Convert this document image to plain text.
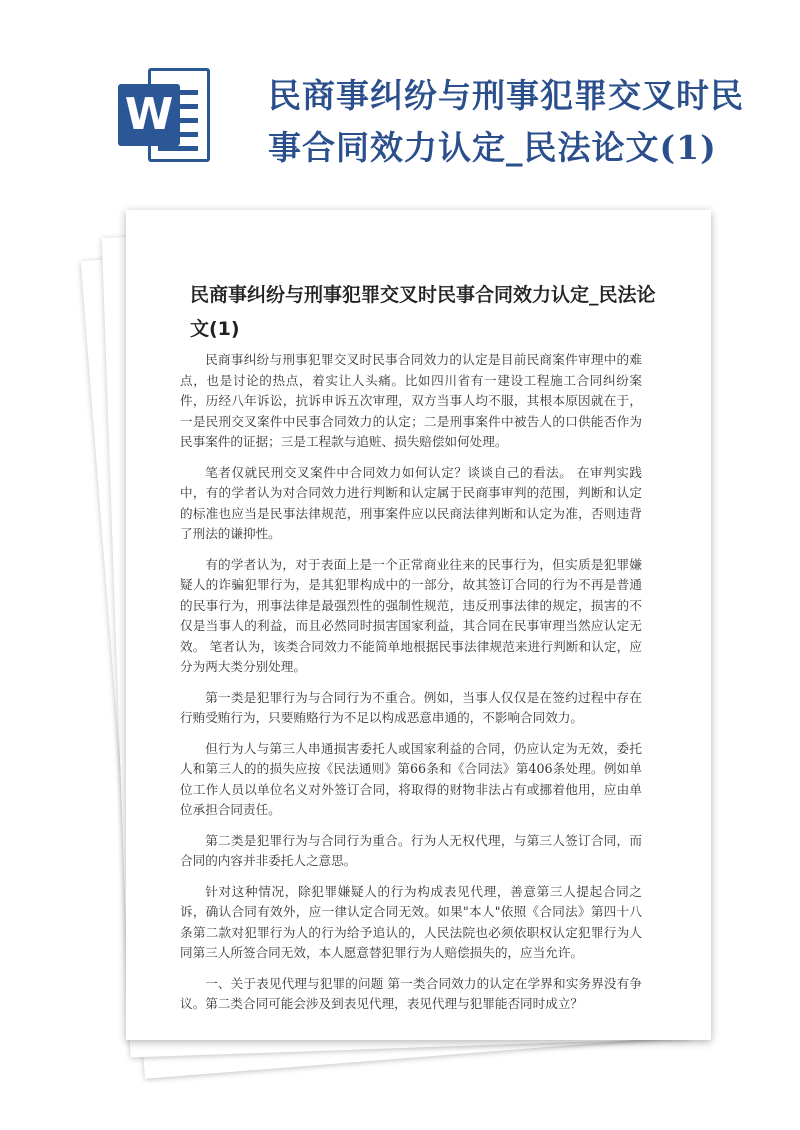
W	民商事纠纷与刑事犯罪交叉时民事合同效力认定_民法论文(1)
民商事纠纷与刑事犯罪交叉时民事合同效力认定_民法论文(1)

民商事纠纷与刑事犯罪交叉时民事合同效力的认定是目前民商案件审理中的难点，也是讨论的热点，着实让人头痛。比如四川省有一建设工程施工合同纠纷案件，历经八年诉讼，抗诉申诉五次审理，双方当事人均不服，其根本原因就在于，一是民刑交叉案件中民事合同效力的认定；二是刑事案件中被告人的口供能否作为民事案件的证据；三是工程款与追赃、损失赔偿如何处理。

笔者仅就民刑交叉案件中合同效力如何认定？谈谈自己的看法。 在审判实践中，有的学者认为对合同效力进行判断和认定属于民商事审判的范围，判断和认定的标准也应当是民事法律规范，刑事案件应以民商法律判断和认定为准，否则违背了刑法的谦抑性。

有的学者认为，对于表面上是一个正常商业往来的民事行为，但实质是犯罪嫌疑人的诈骗犯罪行为，是其犯罪构成中的一部分，故其签订合同的行为不再是普通的民事行为，刑事法律是最强烈性的强制性规范，违反刑事法律的规定，损害的不仅是当事人的利益，而且必然同时损害国家利益，其合同在民事审理当然应认定无效。 笔者认为，该类合同效力不能简单地根据民事法律规范来进行判断和认定，应分为两大类分别处理。

第一类是犯罪行为与合同行为不重合。例如，当事人仅仅是在签约过程中存在行贿受贿行为，只要贿赂行为不足以构成恶意串通的，不影响合同效力。

但行为人与第三人串通损害委托人或国家利益的合同，仍应认定为无效，委托人和第三人的的损失应按《民法通则》第66条和《合同法》第406条处理。例如单位工作人员以单位名义对外签订合同，将取得的财物非法占有或挪着他用，应由单位承担合同责任。

第二类是犯罪行为与合同行为重合。行为人无权代理，与第三人签订合同，而合同的内容并非委托人之意思。

针对这种情况，除犯罪嫌疑人的行为构成表见代理，善意第三人提起合同之诉，确认合同有效外，应一律认定合同无效。如果"本人"依照《合同法》第四十八条第二款对犯罪行为人的行为给予追认的，人民法院也必须依职权认定犯罪行为人同第三人所签合同无效，本人愿意替犯罪行为人赔偿损失的，应当允许。

一、关于表见代理与犯罪的问题 第一类合同效力的认定在学界和实务界没有争议。第二类合同可能会涉及到表见代理，表见代理与犯罪能否同时成立？
